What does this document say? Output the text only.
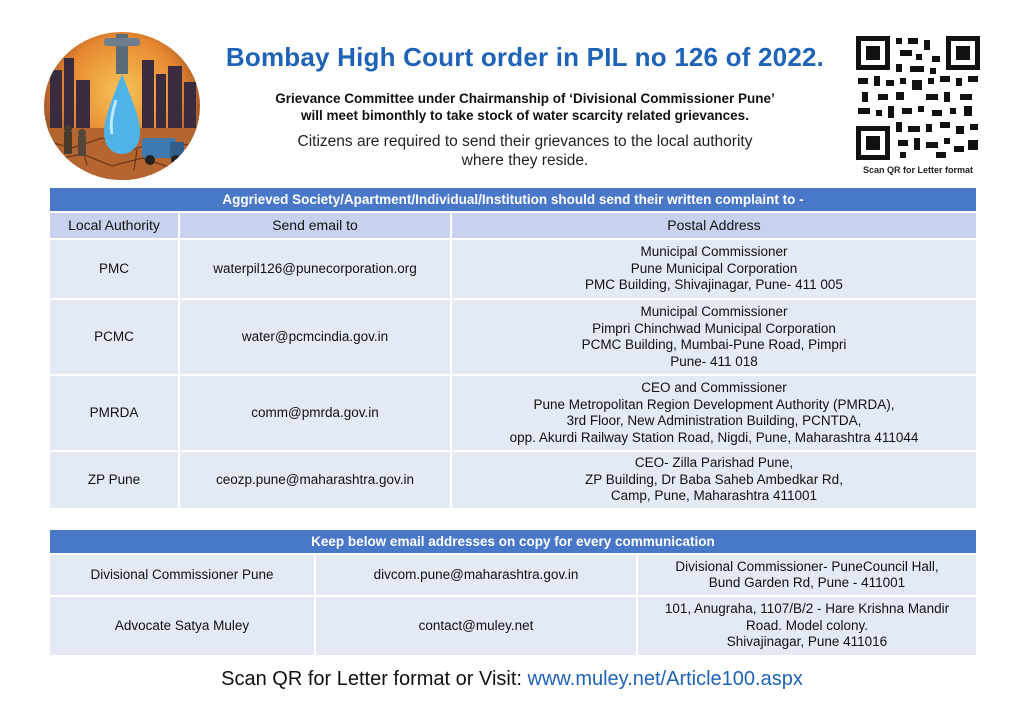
Scan QR for Letter format
Bombay High Court order in PIL no 126 of 2022.
Grievance Committee under Chairmanship of ‘Divisional Commissioner Pune’
will meet bimonthly to take stock of water scarcity related grievances.
Citizens are required to send their grievances to the local authority
where they reside.
Aggrieved Society/Apartment/Individual/Institution should send their written complaint to -
Local Authority	Send email to	Postal Address
PMC	waterpil126@punecorporation.org	Municipal Commissioner
Pune Municipal Corporation
PMC Building, Shivajinagar, Pune- 411 005

PCMC	water@pcmcindia.gov.in	Municipal Commissioner
Pimpri Chinchwad Municipal Corporation
PCMC Building, Mumbai-Pune Road, Pimpri
Pune- 411 018

PMRDA	comm@pmrda.gov.in	CEO and Commissioner
Pune Metropolitan Region Development Authority (PMRDA),
3rd Floor, New Administration Building, PCNTDA,
opp. Akurdi Railway Station Road, Nigdi, Pune, Maharashtra 411044

ZP Pune	ceozp.pune@maharashtra.gov.in	CEO- Zilla Parishad Pune,
ZP Building, Dr Baba Saheb Ambedkar Rd,
Camp, Pune, Maharashtra 411001
Keep below email addresses on copy for every communication
Divisional Commissioner Pune	divcom.pune@maharashtra.gov.in	Divisional Commissioner- PuneCouncil Hall,
Bund Garden Rd, Pune - 411001

Advocate Satya Muley	contact@muley.net	101, Anugraha, 1107/B/2 - Hare Krishna Mandir
Road. Model colony.
Shivajinagar, Pune 411016
Scan QR for Letter format or Visit: www.muley.net/Article100.aspx
